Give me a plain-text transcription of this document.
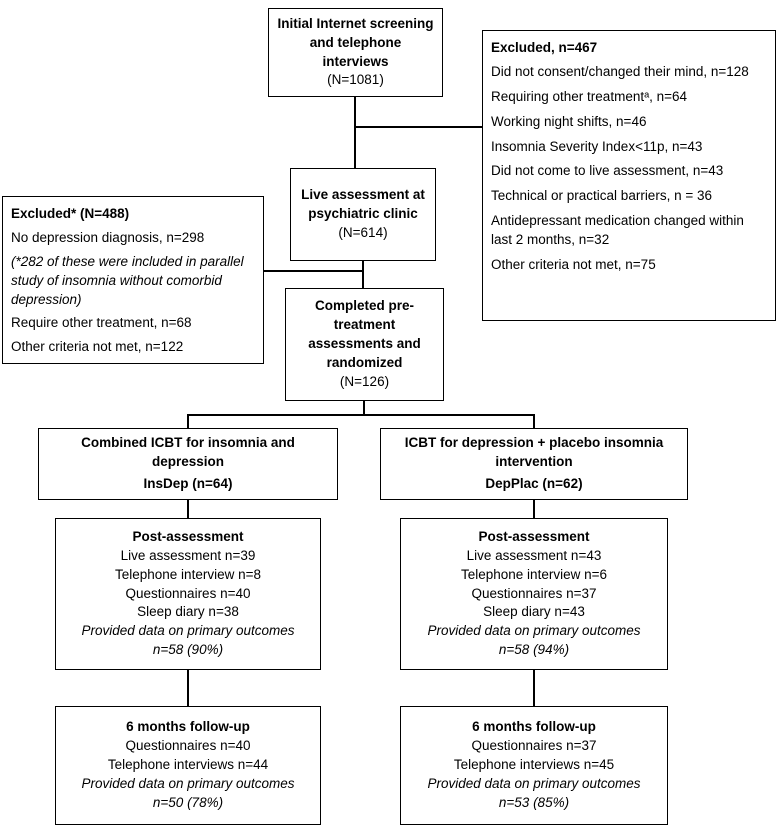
Initial Internet screening and telephone interviews
(N=1081)
Excluded, n=467
Did not consent/changed their mind, n=128
Requiring other treatmentᵃ, n=64
Working night shifts, n=46
Insomnia Severity Index<11p, n=43
Did not come to live assessment, n=43
Technical or practical barriers, n = 36
Antidepressant medication changed within last 2 months, n=32
Other criteria not met, n=75
Live assessment at psychiatric clinic
(N=614)
Excluded* (N=488)
No depression diagnosis, n=298
(*282 of these were included in parallel study of insomnia without comorbid depression)
Require other treatment, n=68
Other criteria not met, n=122
Completed pre-treatment assessments and randomized
(N=126)
Combined ICBT for insomnia and depression
InsDep (n=64)
ICBT for depression + placebo insomnia intervention
DepPlac (n=62)
Post-assessment
Live assessment n=39
Telephone interview n=8
Questionnaires n=40
Sleep diary n=38
Provided data on primary outcomes
n=58 (90%)
Post-assessment
Live assessment n=43
Telephone interview n=6
Questionnaires n=37
Sleep diary n=43
Provided data on primary outcomes
n=58 (94%)
6 months follow-up
Questionnaires n=40
Telephone interviews n=44
Provided data on primary outcomes
n=50 (78%)
6 months follow-up
Questionnaires n=37
Telephone interviews n=45
Provided data on primary outcomes
n=53 (85%)
